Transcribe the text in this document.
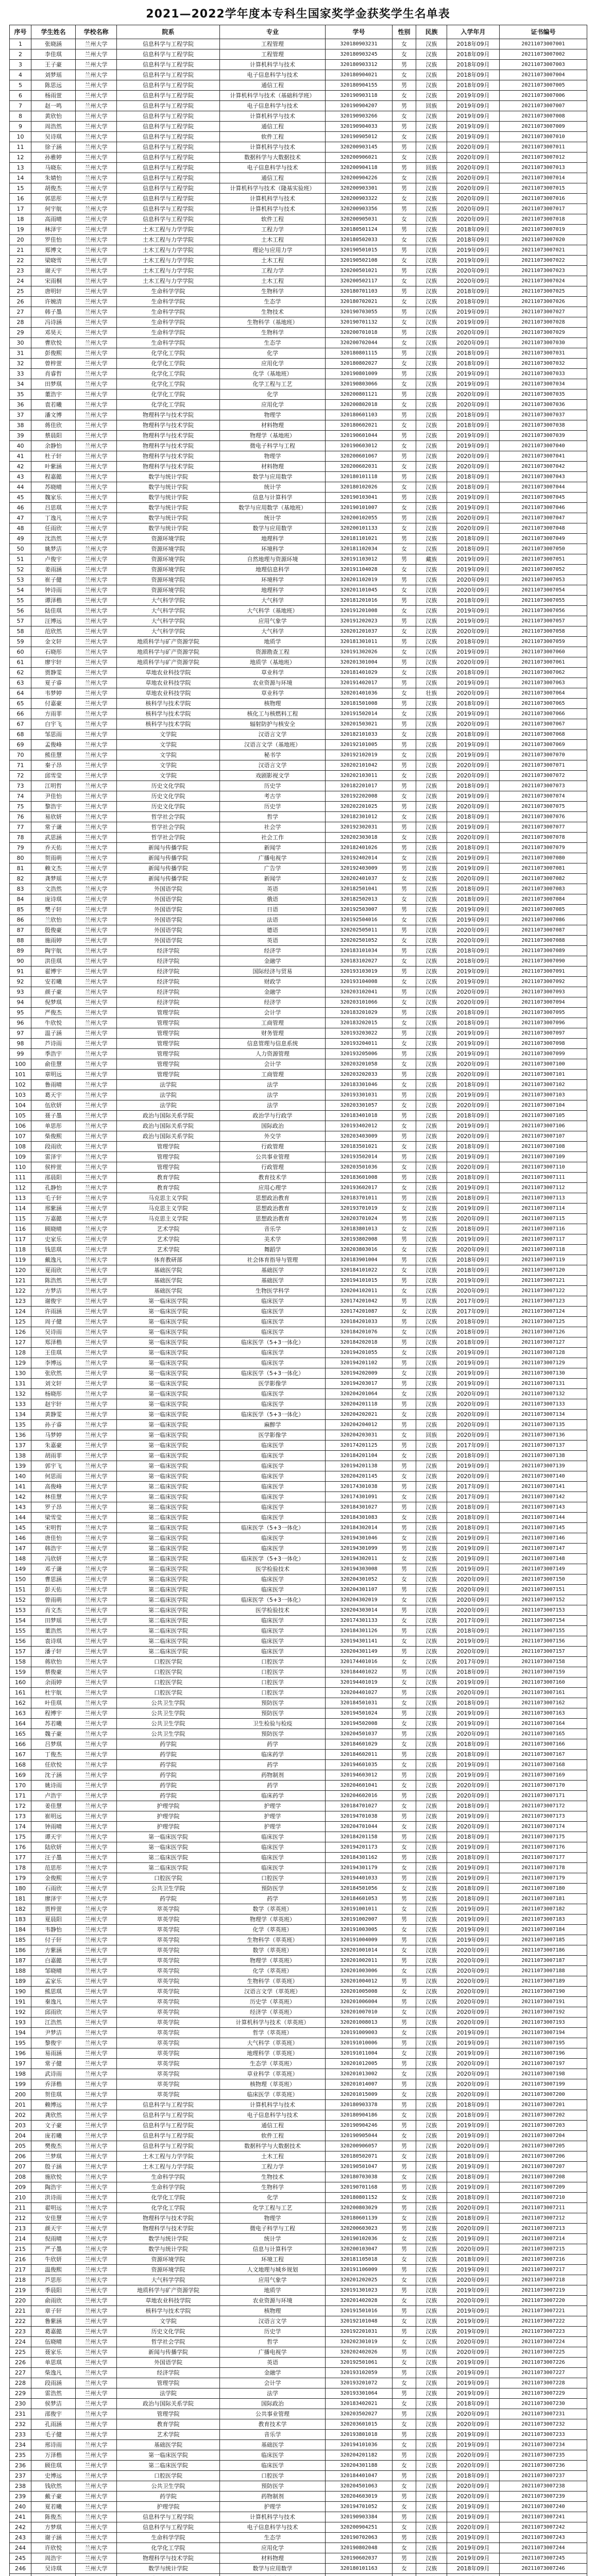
2021—2022学年度本专科生国家奖学金获奖学生名单表
序号	学生姓名	学校名称	院系	专业	学号	性别	民族	入学年月	证书编号
1	张晓涵	兰州大学	信息科学与工程学院	工程管理	320180903231	女	汉族	2018年09月	20211073007001
2	李佳琪	兰州大学	信息科学与工程学院	工程管理	320180903245	女	汉族	2018年09月	20211073007002
3	王子豪	兰州大学	信息科学与工程学院	计算机科学与技术	320180903312	男	汉族	2018年09月	20211073007003
4	刘梦瑶	兰州大学	信息科学与工程学院	电子信息科学与技术	320180904021	女	汉族	2018年09月	20211073007004
5	陈思远	兰州大学	信息科学与工程学院	通信工程	320180904155	男	汉族	2018年09月	20211073007005
6	杨雨萱	兰州大学	信息科学与工程学院	计算机科学与技术（基础科学班）	320190903118	女	汉族	2019年09月	20211073007006
7	赵一鸣	兰州大学	信息科学与工程学院	电子信息科学与技术	320190904207	男	回族	2019年09月	20211073007007
8	黄欣怡	兰州大学	信息科学与工程学院	计算机科学与技术	320190903266	女	汉族	2019年09月	20211073007008
9	周浩然	兰州大学	信息科学与工程学院	通信工程	320190904033	男	汉族	2019年09月	20211073007009
10	吴诗琪	兰州大学	信息科学与工程学院	软件工程	320190905012	女	汉族	2019年09月	20211073007010
11	徐子涵	兰州大学	信息科学与工程学院	计算机科学与技术	320200903145	男	汉族	2020年09月	20211073007011
12	孙雅婷	兰州大学	信息科学与工程学院	数据科学与大数据技术	320200906021	女	汉族	2020年09月	20211073007012
13	马晓东	兰州大学	信息科学与工程学院	电子信息科学与技术	320200904118	男	回族	2020年09月	20211073007013
14	朱婧怡	兰州大学	信息科学与工程学院	通信工程	320200904226	女	汉族	2020年09月	20211073007014
15	胡俊杰	兰州大学	信息科学与工程学院	计算机科学与技术（隆基实验班）	320200903301	男	汉族	2020年09月	20211073007015
16	郭思彤	兰州大学	信息科学与工程学院	计算机科学与技术	320200903322	女	汉族	2020年09月	20211073007016
17	何宇航	兰州大学	信息科学与工程学院	计算机科学与技术	320200903356	男	汉族	2020年09月	20211073007017
18	高雨晴	兰州大学	信息科学与工程学院	软件工程	320200905031	女	汉族	2020年09月	20211073007018
19	林泽宇	兰州大学	土木工程与力学学院	工程力学	320180501124	男	汉族	2018年09月	20211073007019
20	罗佳怡	兰州大学	土木工程与力学学院	土木工程	320180502033	女	汉族	2018年09月	20211073007020
21	郑博文	兰州大学	土木工程与力学学院	理论与应用力学	320190501015	男	汉族	2019年09月	20211073007021
22	梁晓雪	兰州大学	土木工程与力学学院	土木工程	320190502108	女	汉族	2019年09月	20211073007022
23	谢天宇	兰州大学	土木工程与力学学院	工程力学	320200501021	男	汉族	2020年09月	20211073007023
24	宋雨桐	兰州大学	土木工程与力学学院	土木工程	320200502117	女	汉族	2020年09月	20211073007024
25	唐明轩	兰州大学	生命科学学院	生物科学	320180701103	男	汉族	2018年09月	20211073007025
26	许婉清	兰州大学	生命科学学院	生态学	320180702021	女	汉族	2018年09月	20211073007026
27	韩子墨	兰州大学	生命科学学院	生物技术	320190703055	男	汉族	2019年09月	20211073007027
28	冯诗涵	兰州大学	生命科学学院	生物科学（基地班）	320190701132	女	汉族	2019年09月	20211073007028
29	邓昊天	兰州大学	生命科学学院	生物科学	320200701018	男	汉族	2020年09月	20211073007029
30	曹欣悦	兰州大学	生命科学学院	生态学	320200702044	女	汉族	2020年09月	20211073007030
31	彭俊熙	兰州大学	化学化工学院	化学	320180801115	男	汉族	2018年09月	20211073007031
32	曾梓萱	兰州大学	化学化工学院	应用化学	320180802027	女	汉族	2018年09月	20211073007032
33	肖睿哲	兰州大学	化学化工学院	化学（基地班）	320190801009	男	汉族	2019年09月	20211073007033
34	田梦琪	兰州大学	化学化工学院	化学工程与工艺	320190803066	女	汉族	2019年09月	20211073007034
35	董浩宇	兰州大学	化学化工学院	化学	320200801121	男	汉族	2020年09月	20211073007035
36	袁若曦	兰州大学	化学化工学院	应用化学	320200802018	女	汉族	2020年09月	20211073007036
37	潘文博	兰州大学	物理科学与技术学院	物理学	320180601103	男	汉族	2018年09月	20211073007037
38	蒋佳欣	兰州大学	物理科学与技术学院	材料物理	320180602021	女	汉族	2018年09月	20211073007038
39	蔡晨阳	兰州大学	物理科学与技术学院	物理学（基地班）	320190601044	男	汉族	2019年09月	20211073007039
40	余静怡	兰州大学	物理科学与技术学院	微电子科学与工程	320190603012	女	汉族	2019年09月	20211073007040
41	杜子轩	兰州大学	物理科学与技术学院	物理学	320200601067	男	汉族	2020年09月	20211073007041
42	叶紫涵	兰州大学	物理科学与技术学院	材料物理	320200602031	女	汉族	2020年09月	20211073007042
43	程嘉懿	兰州大学	数学与统计学院	数学与应用数学	320180101118	男	汉族	2018年09月	20211073007043
44	苏晓晴	兰州大学	数学与统计学院	统计学	320180102026	女	汉族	2018年09月	20211073007044
45	魏家乐	兰州大学	数学与统计学院	信息与计算科学	320190103041	男	汉族	2019年09月	20211073007045
46	吕思琪	兰州大学	数学与统计学院	数学与应用数学（基地班）	320190101007	女	汉族	2019年09月	20211073007046
47	丁逸凡	兰州大学	数学与统计学院	统计学	320200102055	男	汉族	2020年09月	20211073007047
48	任雨欣	兰州大学	数学与统计学院	数学与应用数学	320200101133	女	汉族	2020年09月	20211073007048
49	沈浩然	兰州大学	资源环境学院	地理科学	320181101021	男	汉族	2018年09月	20211073007049
50	姚梦洁	兰州大学	资源环境学院	环境科学	320181102034	女	汉族	2018年09月	20211073007050
51	卢俊宇	兰州大学	资源环境学院	自然地理与资源环境	320191103012	男	藏族	2019年09月	20211073007051
52	姜雨涵	兰州大学	资源环境学院	地理信息科学	320191104028	女	汉族	2019年09月	20211073007052
53	崔子健	兰州大学	资源环境学院	环境科学	320201102019	男	汉族	2020年09月	20211073007053
54	钟诗雨	兰州大学	资源环境学院	地理科学	320201101045	女	汉族	2020年09月	20211073007054
55	谭泽楷	兰州大学	大气科学学院	大气科学	320181201016	男	汉族	2018年09月	20211073007055
56	陆佳琪	兰州大学	大气科学学院	大气科学（基地班）	320191201008	女	汉族	2019年09月	20211073007056
57	汪博远	兰州大学	大气科学学院	应用气象学	320191202023	男	汉族	2019年09月	20211073007057
58	范欣然	兰州大学	大气科学学院	大气科学	320201201037	女	汉族	2020年09月	20211073007058
59	金文轩	兰州大学	地质科学与矿产资源学院	地质学	320181301011	男	汉族	2018年09月	20211073007059
60	石晓彤	兰州大学	地质科学与矿产资源学院	资源勘查工程	320191302026	女	汉族	2019年09月	20211073007060
61	廖宇轩	兰州大学	地质科学与矿产资源学院	地质学（基地班）	320201301004	男	汉族	2020年09月	20211073007061
62	贾静雯	兰州大学	草地农业科技学院	草业科学	320181401029	女	汉族	2018年09月	20211073007062
63	夏子睿	兰州大学	草地农业科技学院	农业资源与环境	320191402017	男	汉族	2019年09月	20211073007063
64	韦梦婷	兰州大学	草地农业科技学院	草业科学	320201401036	女	壮族	2020年09月	20211073007064
65	付嘉豪	兰州大学	核科学与技术学院	核物理	320181501008	男	汉族	2018年09月	20211073007065
66	方雨菲	兰州大学	核科学与技术学院	核化工与核燃料工程	320191502014	女	汉族	2019年09月	20211073007066
67	白宇飞	兰州大学	核科学与技术学院	辐射防护与核安全	320201503021	男	汉族	2020年09月	20211073007067
68	邹思雨	兰州大学	文学院	汉语言文学	320182101033	女	汉族	2018年09月	20211073007068
69	孟俊峰	兰州大学	文学院	汉语言文学（基地班）	320192101005	男	汉族	2019年09月	20211073007069
70	熊佳慧	兰州大学	文学院	秘书学	320192102019	女	汉族	2019年09月	20211073007070
71	秦子昂	兰州大学	文学院	汉语言文学	320202101042	男	汉族	2020年09月	20211073007071
72	邱雪莹	兰州大学	文学院	戏剧影视文学	320202103011	女	汉族	2020年09月	20211073007072
73	江明哲	兰州大学	历史文化学院	历史学	320182201017	男	汉族	2018年09月	20211073007073
74	尹佳怡	兰州大学	历史文化学院	考古学	320192202008	女	汉族	2019年09月	20211073007074
75	黎浩宇	兰州大学	历史文化学院	历史学	320202201025	男	汉族	2020年09月	20211073007075
76	易欣妍	兰州大学	哲学社会学院	哲学	320182301012	女	汉族	2018年09月	20211073007076
77	常子谦	兰州大学	哲学社会学院	社会学	320192302031	男	汉族	2019年09月	20211073007077
78	武思涵	兰州大学	哲学社会学院	社会工作	320202303018	女	汉族	2020年09月	20211073007078
79	乔天佑	兰州大学	新闻与传播学院	新闻学	320182401026	男	汉族	2018年09月	20211073007079
80	贺雨萌	兰州大学	新闻与传播学院	广播电视学	320192402014	女	汉族	2019年09月	20211073007080
81	赖文杰	兰州大学	新闻与传播学院	广告学	320192403009	男	汉族	2019年09月	20211073007081
82	龚梦瑶	兰州大学	新闻与传播学院	新闻学	320202401037	女	汉族	2020年09月	20211073007082
83	文浩然	兰州大学	外国语学院	英语	320182501041	男	汉族	2018年09月	20211073007083
84	庞诗琪	兰州大学	外国语学院	俄语	320182502013	女	汉族	2018年09月	20211073007084
85	樊子轩	兰州大学	外国语学院	日语	320192503007	男	汉族	2019年09月	20211073007085
86	兰欣怡	兰州大学	外国语学院	法语	320192504016	女	汉族	2019年09月	20211073007086
87	殷俊豪	兰州大学	外国语学院	德语	320202505011	男	汉族	2020年09月	20211073007087
88	施雨婷	兰州大学	外国语学院	英语	320202501052	女	汉族	2020年09月	20211073007088
89	陶宇航	兰州大学	经济学院	经济学	320183101034	男	汉族	2018年09月	20211073007089
90	洪佳琪	兰州大学	经济学院	金融学	320183102027	女	汉族	2018年09月	20211073007090
91	翟博宇	兰州大学	经济学院	国际经济与贸易	320193103019	男	汉族	2019年09月	20211073007091
92	安若曦	兰州大学	经济学院	财政学	320193104008	女	汉族	2019年09月	20211073007092
93	颜子豪	兰州大学	经济学院	金融学	320203102041	男	汉族	2020年09月	20211073007093
94	倪梦琪	兰州大学	经济学院	经济学	320203101066	女	汉族	2020年09月	20211073007094
95	严俊杰	兰州大学	管理学院	会计学	320183201029	男	汉族	2018年09月	20211073007095
96	牛欣悦	兰州大学	管理学院	工商管理	320183202015	女	汉族	2018年09月	20211073007096
97	温子涵	兰州大学	管理学院	财务管理	320193203022	男	汉族	2019年09月	20211073007097
98	芦诗雨	兰州大学	管理学院	信息管理与信息系统	320193204011	女	汉族	2019年09月	20211073007098
99	季浩宇	兰州大学	管理学院	人力资源管理	320193205006	男	汉族	2019年09月	20211073007099
100	俞佳慧	兰州大学	管理学院	会计学	320203201058	女	汉族	2020年09月	20211073007100
101	章明远	兰州大学	管理学院	工商管理	320203202033	男	汉族	2020年09月	20211073007101
102	鲁雨晴	兰州大学	法学院	法学	320183301046	女	汉族	2018年09月	20211073007102
103	葛天宇	兰州大学	法学院	法学	320193301031	男	汉族	2019年09月	20211073007103
104	伍欣妍	兰州大学	法学院	法学	320203301057	女	汉族	2020年09月	20211073007104
105	聂子墨	兰州大学	政治与国际关系学院	政治学与行政学	320183401018	男	汉族	2018年09月	20211073007105
106	单思彤	兰州大学	政治与国际关系学院	国际政治	320193402012	女	汉族	2019年09月	20211073007106
107	柴俊熙	兰州大学	政治与国际关系学院	外交学	320203403009	男	汉族	2020年09月	20211073007107
108	段雨欣	兰州大学	管理学院	行政管理	320183501021	女	汉族	2018年09月	20211073007108
109	雷泽宇	兰州大学	管理学院	公共事业管理	320193502014	男	汉族	2019年09月	20211073007109
110	侯梓萱	兰州大学	管理学院	行政管理	320203501036	女	汉族	2020年09月	20211073007110
111	邵晨阳	兰州大学	教育学院	教育技术学	320183601008	男	汉族	2018年09月	20211073007111
112	孔静怡	兰州大学	教育学院	应用心理学	320193602017	女	汉族	2019年09月	20211073007112
113	毛子轩	兰州大学	马克思主义学院	思想政治教育	320183701011	男	汉族	2018年09月	20211073007113
114	邢紫涵	兰州大学	马克思主义学院	思想政治教育	320193701019	女	汉族	2019年09月	20211073007114
115	万嘉懿	兰州大学	马克思主义学院	思想政治教育	320203701024	男	汉族	2020年09月	20211073007115
116	顾晓晴	兰州大学	艺术学院	音乐学	320183801013	女	汉族	2018年09月	20211073007116
117	史家乐	兰州大学	艺术学院	美术学	320193802008	男	汉族	2019年09月	20211073007117
118	钱思琪	兰州大学	艺术学院	舞蹈学	320203803016	女	汉族	2020年09月	20211073007118
119	戴逸凡	兰州大学	体育教研部	社会体育指导与管理	320183901004	男	汉族	2018年09月	20211073007119
120	夏雨欣	兰州大学	基础医学院	基础医学	320184101022	女	汉族	2018年09月	20211073007120
121	陈浩然	兰州大学	基础医学院	基础医学	320194101015	男	汉族	2019年09月	20211073007121
122	方梦洁	兰州大学	基础医学院	生物医学科学	320204102011	女	汉族	2020年09月	20211073007122
123	谢俊宇	兰州大学	第一临床医学院	临床医学	320174201042	男	汉族	2017年09月	20211073007123
124	许雨涵	兰州大学	第一临床医学院	临床医学	320174201087	女	汉族	2017年09月	20211073007124
125	周子健	兰州大学	第一临床医学院	临床医学	320184201033	男	汉族	2018年09月	20211073007125
126	吴诗雨	兰州大学	第一临床医学院	临床医学	320184201076	女	汉族	2018年09月	20211073007126
127	郑泽楷	兰州大学	第一临床医学院	临床医学（5+3一体化）	320184202018	男	汉族	2018年09月	20211073007127
128	王佳琪	兰州大学	第一临床医学院	临床医学	320194201055	女	汉族	2019年09月	20211073007128
129	李博远	兰州大学	第一临床医学院	临床医学	320194201102	男	汉族	2019年09月	20211073007129
130	张欣然	兰州大学	第一临床医学院	临床医学（5+3一体化）	320194202009	女	汉族	2019年09月	20211073007130
131	刘文轩	兰州大学	第一临床医学院	医学影像学	320194203017	男	汉族	2019年09月	20211073007131
132	杨晓彤	兰州大学	第一临床医学院	临床医学	320204201064	女	汉族	2020年09月	20211073007132
133	赵宇轩	兰州大学	第一临床医学院	临床医学	320204201118	男	汉族	2020年09月	20211073007133
134	黄静雯	兰州大学	第一临床医学院	临床医学（5+3一体化）	320204202021	女	汉族	2020年09月	20211073007134
135	孙子睿	兰州大学	第一临床医学院	麻醉学	320204204012	男	汉族	2020年09月	20211073007135
136	马梦婷	兰州大学	第一临床医学院	医学影像学	320204203031	女	回族	2020年09月	20211073007136
137	朱嘉豪	兰州大学	第一临床医学院	临床医学	320174201125	男	汉族	2017年09月	20211073007137
138	胡雨菲	兰州大学	第一临床医学院	临床医学	320184201104	女	汉族	2018年09月	20211073007138
139	郭宇飞	兰州大学	第一临床医学院	临床医学	320194201138	男	汉族	2019年09月	20211073007139
140	何思雨	兰州大学	第一临床医学院	临床医学	320204201145	女	汉族	2020年09月	20211073007140
141	高俊峰	兰州大学	第二临床医学院	临床医学	320174301038	男	汉族	2017年09月	20211073007141
142	林佳慧	兰州大学	第二临床医学院	临床医学	320174301091	女	汉族	2017年09月	20211073007142
143	罗子昂	兰州大学	第二临床医学院	临床医学	320184301027	男	汉族	2018年09月	20211073007143
144	梁雪莹	兰州大学	第二临床医学院	临床医学	320184301083	女	汉族	2018年09月	20211073007144
145	宋明哲	兰州大学	第二临床医学院	临床医学（5+3一体化）	320184302014	男	汉族	2018年09月	20211073007145
146	唐佳怡	兰州大学	第二临床医学院	临床医学	320194301046	女	汉族	2019年09月	20211073007146
147	韩浩宇	兰州大学	第二临床医学院	临床医学	320194301099	男	汉族	2019年09月	20211073007147
148	冯欣妍	兰州大学	第二临床医学院	临床医学（5+3一体化）	320194302011	女	汉族	2019年09月	20211073007148
149	邓子谦	兰州大学	第二临床医学院	医学检验技术	320194303008	男	汉族	2019年09月	20211073007149
150	曹思涵	兰州大学	第二临床医学院	临床医学	320204301052	女	汉族	2020年09月	20211073007150
151	彭天佑	兰州大学	第二临床医学院	临床医学	320204301107	男	汉族	2020年09月	20211073007151
152	曾雨萌	兰州大学	第二临床医学院	临床医学（5+3一体化）	320204302019	女	汉族	2020年09月	20211073007152
153	肖文杰	兰州大学	第二临床医学院	医学检验技术	320204303014	男	汉族	2020年09月	20211073007153
154	田梦瑶	兰州大学	第二临床医学院	临床医学	320174301133	女	汉族	2017年09月	20211073007154
155	董浩然	兰州大学	第二临床医学院	临床医学	320184301126	男	汉族	2018年09月	20211073007155
156	袁诗琪	兰州大学	第二临床医学院	临床医学	320194301141	女	汉族	2019年09月	20211073007156
157	潘子轩	兰州大学	第二临床医学院	临床医学	320204301149	男	汉族	2020年09月	20211073007157
158	蒋欣怡	兰州大学	口腔医学院	口腔医学	320174401016	女	汉族	2017年09月	20211073007158
159	蔡俊豪	兰州大学	口腔医学院	口腔医学	320184401022	男	汉族	2018年09月	20211073007159
160	余雨婷	兰州大学	口腔医学院	口腔医学	320194401019	女	汉族	2019年09月	20211073007160
161	杜宇航	兰州大学	口腔医学院	口腔医学	320204401027	男	汉族	2020年09月	20211073007161
162	叶佳琪	兰州大学	公共卫生学院	预防医学	320184501031	女	汉族	2018年09月	20211073007162
163	程博宇	兰州大学	公共卫生学院	预防医学	320194501024	男	汉族	2019年09月	20211073007163
164	苏若曦	兰州大学	公共卫生学院	卫生检验与检疫	320194502008	女	汉族	2019年09月	20211073007164
165	魏子豪	兰州大学	公共卫生学院	预防医学	320204501037	男	汉族	2020年09月	20211073007165
166	吕梦琪	兰州大学	药学院	药学	320184601029	女	汉族	2018年09月	20211073007166
167	丁俊杰	兰州大学	药学院	临床药学	320184602011	男	汉族	2018年09月	20211073007167
168	任欣悦	兰州大学	药学院	药学	320194601035	女	汉族	2019年09月	20211073007168
169	沈子涵	兰州大学	药学院	药物制剂	320194603012	男	汉族	2019年09月	20211073007169
170	姚诗雨	兰州大学	药学院	药学	320204601041	女	汉族	2020年09月	20211073007170
171	卢浩宇	兰州大学	药学院	临床药学	320204602016	男	汉族	2020年09月	20211073007171
172	姜佳慧	兰州大学	护理学院	护理学	320184701027	女	汉族	2018年09月	20211073007172
173	崔明远	兰州大学	护理学院	护理学	320194701038	男	汉族	2019年09月	20211073007173
174	钟雨晴	兰州大学	护理学院	护理学	320204701044	女	汉族	2020年09月	20211073007174
175	谭天宇	兰州大学	第一临床医学院	临床医学	320184201158	男	汉族	2018年09月	20211073007175
176	陆欣妍	兰州大学	第一临床医学院	临床医学	320194201173	女	汉族	2019年09月	20211073007176
177	汪子墨	兰州大学	第二临床医学院	临床医学	320184301162	男	汉族	2018年09月	20211073007177
178	范思彤	兰州大学	第二临床医学院	临床医学	320194301179	女	汉族	2019年09月	20211073007178
179	金俊熙	兰州大学	口腔医学院	口腔医学	320194401033	男	汉族	2019年09月	20211073007179
180	石雨欣	兰州大学	公共卫生学院	预防医学	320184501056	女	汉族	2018年09月	20211073007180
181	廖泽宇	兰州大学	药学院	药学	320184601053	男	汉族	2018年09月	20211073007181
182	贾梓萱	兰州大学	萃英学院	数学（萃英班）	320191001011	女	汉族	2019年09月	20211073007182
183	夏晨阳	兰州大学	萃英学院	物理学（萃英班）	320191002007	男	汉族	2019年09月	20211073007183
184	韦静怡	兰州大学	萃英学院	化学（萃英班）	320191003005	女	汉族	2019年09月	20211073007184
185	付子轩	兰州大学	萃英学院	生物科学（萃英班）	320191004009	男	汉族	2019年09月	20211073007185
186	方紫涵	兰州大学	萃英学院	数学（萃英班）	320201001014	女	汉族	2020年09月	20211073007186
187	白嘉懿	兰州大学	萃英学院	物理学（萃英班）	320201002011	男	汉族	2020年09月	20211073007187
188	邹晓晴	兰州大学	萃英学院	化学（萃英班）	320201003006	女	汉族	2020年09月	20211073007188
189	孟家乐	兰州大学	萃英学院	生物科学（萃英班）	320201004012	男	汉族	2020年09月	20211073007189
190	熊思琪	兰州大学	萃英学院	汉语言文学（萃英班）	320201005008	女	汉族	2020年09月	20211073007190
191	秦逸凡	兰州大学	萃英学院	历史学（萃英班）	320201006004	男	汉族	2020年09月	20211073007191
192	邱雨欣	兰州大学	萃英学院	经济学（萃英班）	320201007010	女	汉族	2020年09月	20211073007192
193	江浩然	兰州大学	萃英学院	计算机科学与技术（萃英班）	320201008013	男	汉族	2020年09月	20211073007193
194	尹梦洁	兰州大学	萃英学院	哲学（萃英班）	320191009003	女	汉族	2019年09月	20211073007194
195	黎俊宇	兰州大学	萃英学院	大气科学（萃英班）	320191010006	男	汉族	2019年09月	20211073007195
196	易雨涵	兰州大学	萃英学院	地理科学（萃英班）	320191011004	女	汉族	2019年09月	20211073007196
197	常子健	兰州大学	萃英学院	生态学（萃英班）	320201012005	男	汉族	2020年09月	20211073007197
198	武诗雨	兰州大学	萃英学院	草业科学（萃英班）	320201013002	女	汉族	2020年09月	20211073007198
199	乔泽楷	兰州大学	萃英学院	核物理（萃英班）	320201014007	男	汉族	2020年09月	20211073007199
200	贺佳琪	兰州大学	萃英学院	临床医学（萃英班）	320201015009	女	汉族	2020年09月	20211073007200
201	赖博远	兰州大学	信息科学与工程学院	计算机科学与技术	320180903378	男	汉族	2018年09月	20211073007201
202	龚欣然	兰州大学	信息科学与工程学院	电子信息科学与技术	320180904186	女	汉族	2018年09月	20211073007202
203	文子豪	兰州大学	信息科学与工程学院	通信工程	320190904246	男	汉族	2019年09月	20211073007203
204	庞若曦	兰州大学	信息科学与工程学院	软件工程	320190905044	女	汉族	2019年09月	20211073007204
205	樊俊杰	兰州大学	信息科学与工程学院	数据科学与大数据技术	320200906057	男	汉族	2020年09月	20211073007205
206	兰梦琪	兰州大学	土木工程与力学学院	土木工程	320180502071	女	汉族	2018年09月	20211073007206
207	殷子涵	兰州大学	土木工程与力学学院	工程力学	320190501047	男	汉族	2019年09月	20211073007207
208	施欣悦	兰州大学	生命科学学院	生物技术	320180703038	女	汉族	2018年09月	20211073007208
209	陶浩宇	兰州大学	生命科学学院	生物科学	320190701168	男	汉族	2019年09月	20211073007209
210	洪诗雨	兰州大学	化学化工学院	化学	320180801152	女	汉族	2018年09月	20211073007210
211	翟明远	兰州大学	化学化工学院	化学工程与工艺	320200803029	男	汉族	2020年09月	20211073007211
212	安佳慧	兰州大学	物理科学与技术学院	物理学	320180601139	女	汉族	2018年09月	20211073007212
213	颜天宇	兰州大学	物理科学与技术学院	微电子科学与工程	320200603023	男	汉族	2020年09月	20211073007213
214	倪雨晴	兰州大学	数学与统计学院	统计学	320190102036	女	汉族	2019年09月	20211073007214
215	严子墨	兰州大学	数学与统计学院	信息与计算科学	320200103047	男	汉族	2020年09月	20211073007215
216	牛欣妍	兰州大学	资源环境学院	环境工程	320181105018	女	汉族	2018年09月	20211073007216
217	温俊熙	兰州大学	资源环境学院	人文地理与城乡规划	320191106009	男	汉族	2019年09月	20211073007217
218	芦思彤	兰州大学	大气科学学院	应用气象学	320201202025	女	汉族	2020年09月	20211073007218
219	季晨阳	兰州大学	地质科学与矿产资源学院	地质学	320191301023	男	汉族	2019年09月	20211073007219
220	俞雨欣	兰州大学	草地农业科技学院	农业资源与环境	320201402028	女	汉族	2020年09月	20211073007220
221	章子轩	兰州大学	核科学与技术学院	核物理	320191501016	男	汉族	2019年09月	20211073007221
222	鲁紫涵	兰州大学	文学院	汉语言文学	320192101048	女	汉族	2019年09月	20211073007222
223	葛嘉懿	兰州大学	历史文化学院	历史学	320192201031	男	汉族	2019年09月	20211073007223
224	伍晓晴	兰州大学	哲学社会学院	哲学	320202301019	女	汉族	2020年09月	20211073007224
225	聂家乐	兰州大学	新闻与传播学院	广播电视学	320202402026	男	汉族	2020年09月	20211073007225
226	单思琪	兰州大学	外国语学院	英语	320192501061	女	汉族	2019年09月	20211073007226
227	柴逸凡	兰州大学	经济学院	金融学	320193102059	男	汉族	2019年09月	20211073007227
228	段雨涵	兰州大学	管理学院	会计学	320193201072	女	汉族	2019年09月	20211073007228
229	雷浩然	兰州大学	法学院	法学	320193301064	男	汉族	2019年09月	20211073007229
230	侯梦洁	兰州大学	政治与国际关系学院	国际政治	320183402021	女	汉族	2018年09月	20211073007230
231	邵俊宇	兰州大学	管理学院	公共事业管理	320203502027	男	汉族	2020年09月	20211073007231
232	孔雨涵	兰州大学	教育学院	教育技术学	320203601015	女	汉族	2020年09月	20211073007232
233	毛子健	兰州大学	艺术学院	音乐学	320193801018	男	汉族	2019年09月	20211073007233
234	邢诗雨	兰州大学	基础医学院	基础医学	320194101036	女	汉族	2019年09月	20211073007234
235	万泽楷	兰州大学	第一临床医学院	临床医学	320204201182	男	汉族	2020年09月	20211073007235
236	顾佳琪	兰州大学	第二临床医学院	临床医学	320204301188	女	汉族	2020年09月	20211073007236
237	史博远	兰州大学	口腔医学院	口腔医学	320184401047	男	汉族	2018年09月	20211073007237
238	钱欣然	兰州大学	公共卫生学院	预防医学	320204501063	女	汉族	2020年09月	20211073007238
239	戴子豪	兰州大学	药学院	药物制剂	320204603019	男	汉族	2020年09月	20211073007239
240	夏若曦	兰州大学	护理学院	护理学	320194701052	女	汉族	2019年09月	20211073007240
241	陈俊杰	兰州大学	信息科学与工程学院	计算机科学与技术	320190903384	男	汉族	2019年09月	20211073007241
242	方梦琪	兰州大学	信息科学与工程学院	电子信息科学与技术	320200904251	女	汉族	2020年09月	20211073007242
243	谢子涵	兰州大学	生命科学学院	生态学	320190702063	男	汉族	2019年09月	20211073007243
244	许欣悦	兰州大学	化学化工学院	应用化学	320190802048	女	汉族	2019年09月	20211073007244
245	周浩宇	兰州大学	物理科学与技术学院	材料物理	320190602037	男	汉族	2019年09月	20211073007245
246	吴诗琪	兰州大学	数学与统计学院	数学与应用数学	320180101163	女	汉族	2018年09月	20211073007246
